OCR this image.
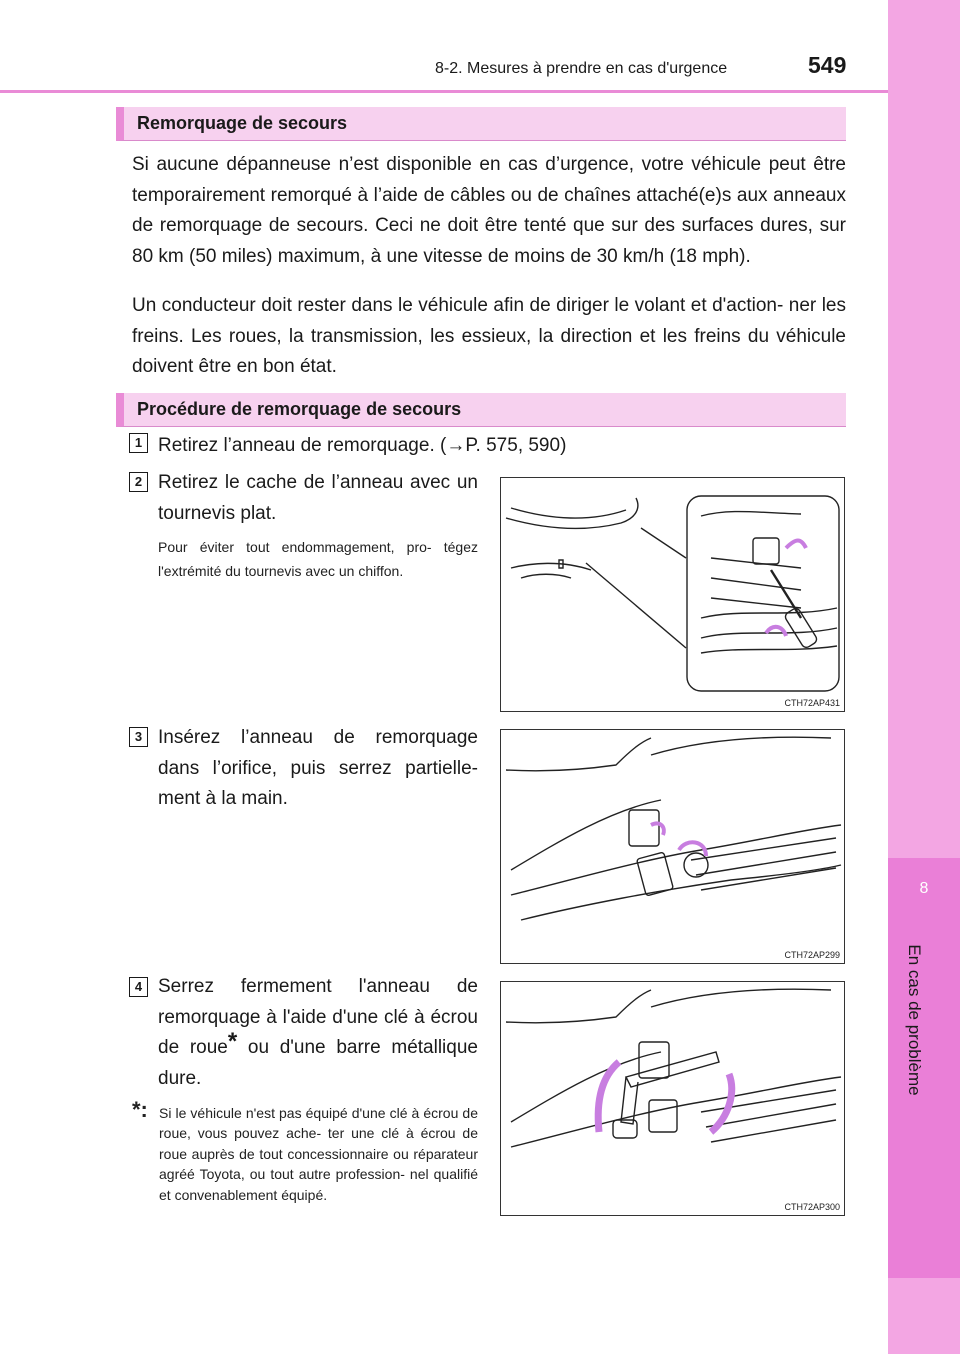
8
En cas de problème
8-2. Mesures à prendre en cas d'urgence	549
Remorquage de secours
Si aucune dépanneuse n’est disponible en cas d’urgence, votre véhicule peut être temporairement remorqué à l’aide de câbles ou de chaînes attaché(e)s aux anneaux de remorquage de secours. Ceci ne doit être tenté que sur des surfaces dures, sur 80 km (50 miles) maximum, à une vitesse de moins de 30 km/h (18 mph).
Un conducteur doit rester dans le véhicule afin de diriger le volant et d'action- ner les freins. Les roues, la transmission, les essieux, la direction et les freins du véhicule doivent être en bon état.
Procédure de remorquage de secours
1 Retirez l’anneau de remorquage. (→P. 575, 590)
2 Retirez le cache de l’anneau avec un tournevis plat.
Pour éviter tout endommagement, pro- tégez l'extrémité du tournevis avec un chiffon.
CTH72AP431
3 Insérez l’anneau de remorquage dans l’orifice, puis serrez partielle- ment à la main.
CTH72AP299
4 Serrez fermement l'anneau de remorquage à l'aide d'une clé à écrou de roue* ou d'une barre métallique dure.
*: Si le véhicule n'est pas équipé d'une clé à écrou de roue, vous pouvez ache- ter une clé à écrou de roue auprès de tout concessionnaire ou réparateur agréé Toyota, ou tout autre profession- nel qualifié et convenablement équipé.
CTH72AP300
